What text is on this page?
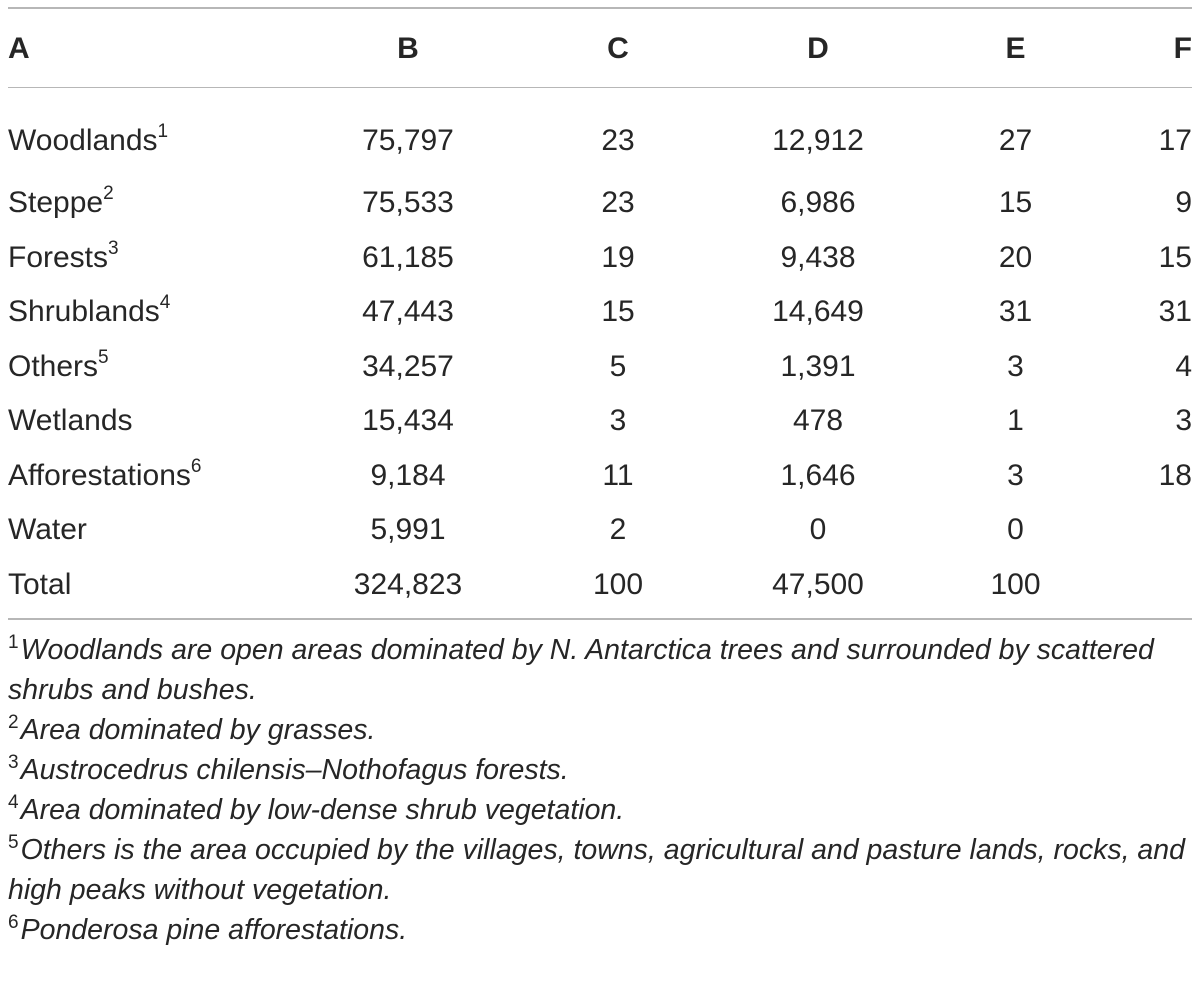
A	B	C	D	E	F
Woodlands$^1$	75,797	23	12,912	27	17
Steppe$^2$	75,533	23	6,986	15	9
Forests$^3$	61,185	19	9,438	20	15
Shrublands$^4$	47,443	15	14,649	31	31
Others$^5$	34,257	5	1,391	3	4
Wetlands	15,434	3	478	1	3
Afforestations$^6$	9,184	11	1,646	3	18
Water	5,991	2	0	0	
Total	324,823	100	47,500	100	
$^1$Woodlands are open areas dominated by N. Antarctica trees and surrounded by scattered shrubs and bushes.
$^2$Area dominated by grasses.
$^3$Austrocedrus chilensis–Nothofagus forests.
$^4$Area dominated by low-dense shrub vegetation.
$^5$Others is the area occupied by the villages, towns, agricultural and pasture lands, rocks, and high peaks without vegetation.
$^6$Ponderosa pine afforestations.
